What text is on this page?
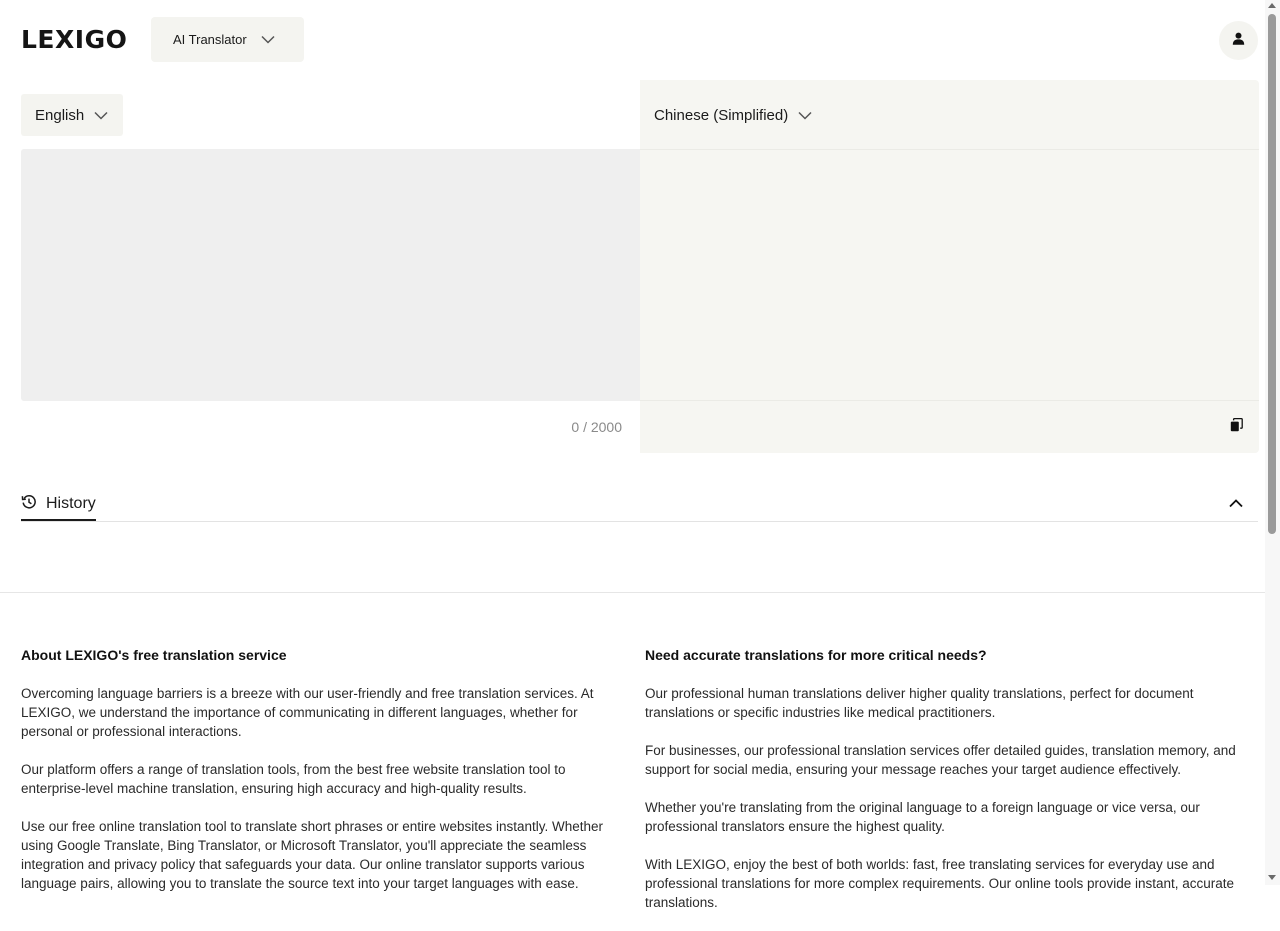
LEXIGO	AI Translator
English
0 / 2000
Chinese (Simplified)
History
About LEXIGO's free translation service

Overcoming language barriers is a breeze with our user-friendly and free translation services. At LEXIGO, we understand the importance of communicating in different languages, whether for personal or professional interactions.

Our platform offers a range of translation tools, from the best free website translation tool to enterprise-level machine translation, ensuring high accuracy and high-quality results.

Use our free online translation tool to translate short phrases or entire websites instantly. Whether using Google Translate, Bing Translator, or Microsoft Translator, you'll appreciate the seamless integration and privacy policy that safeguards your data. Our online translator supports various language pairs, allowing you to translate the source text into your target languages with ease.

Need accurate translations for more critical needs?

Our professional human translations deliver higher quality translations, perfect for document translations or specific industries like medical practitioners.

For businesses, our professional translation services offer detailed guides, translation memory, and support for social media, ensuring your message reaches your target audience effectively.

Whether you're translating from the original language to a foreign language or vice versa, our professional translators ensure the highest quality.

With LEXIGO, enjoy the best of both worlds: fast, free translating services for everyday use and professional translations for more complex requirements. Our online tools provide instant, accurate translations.
